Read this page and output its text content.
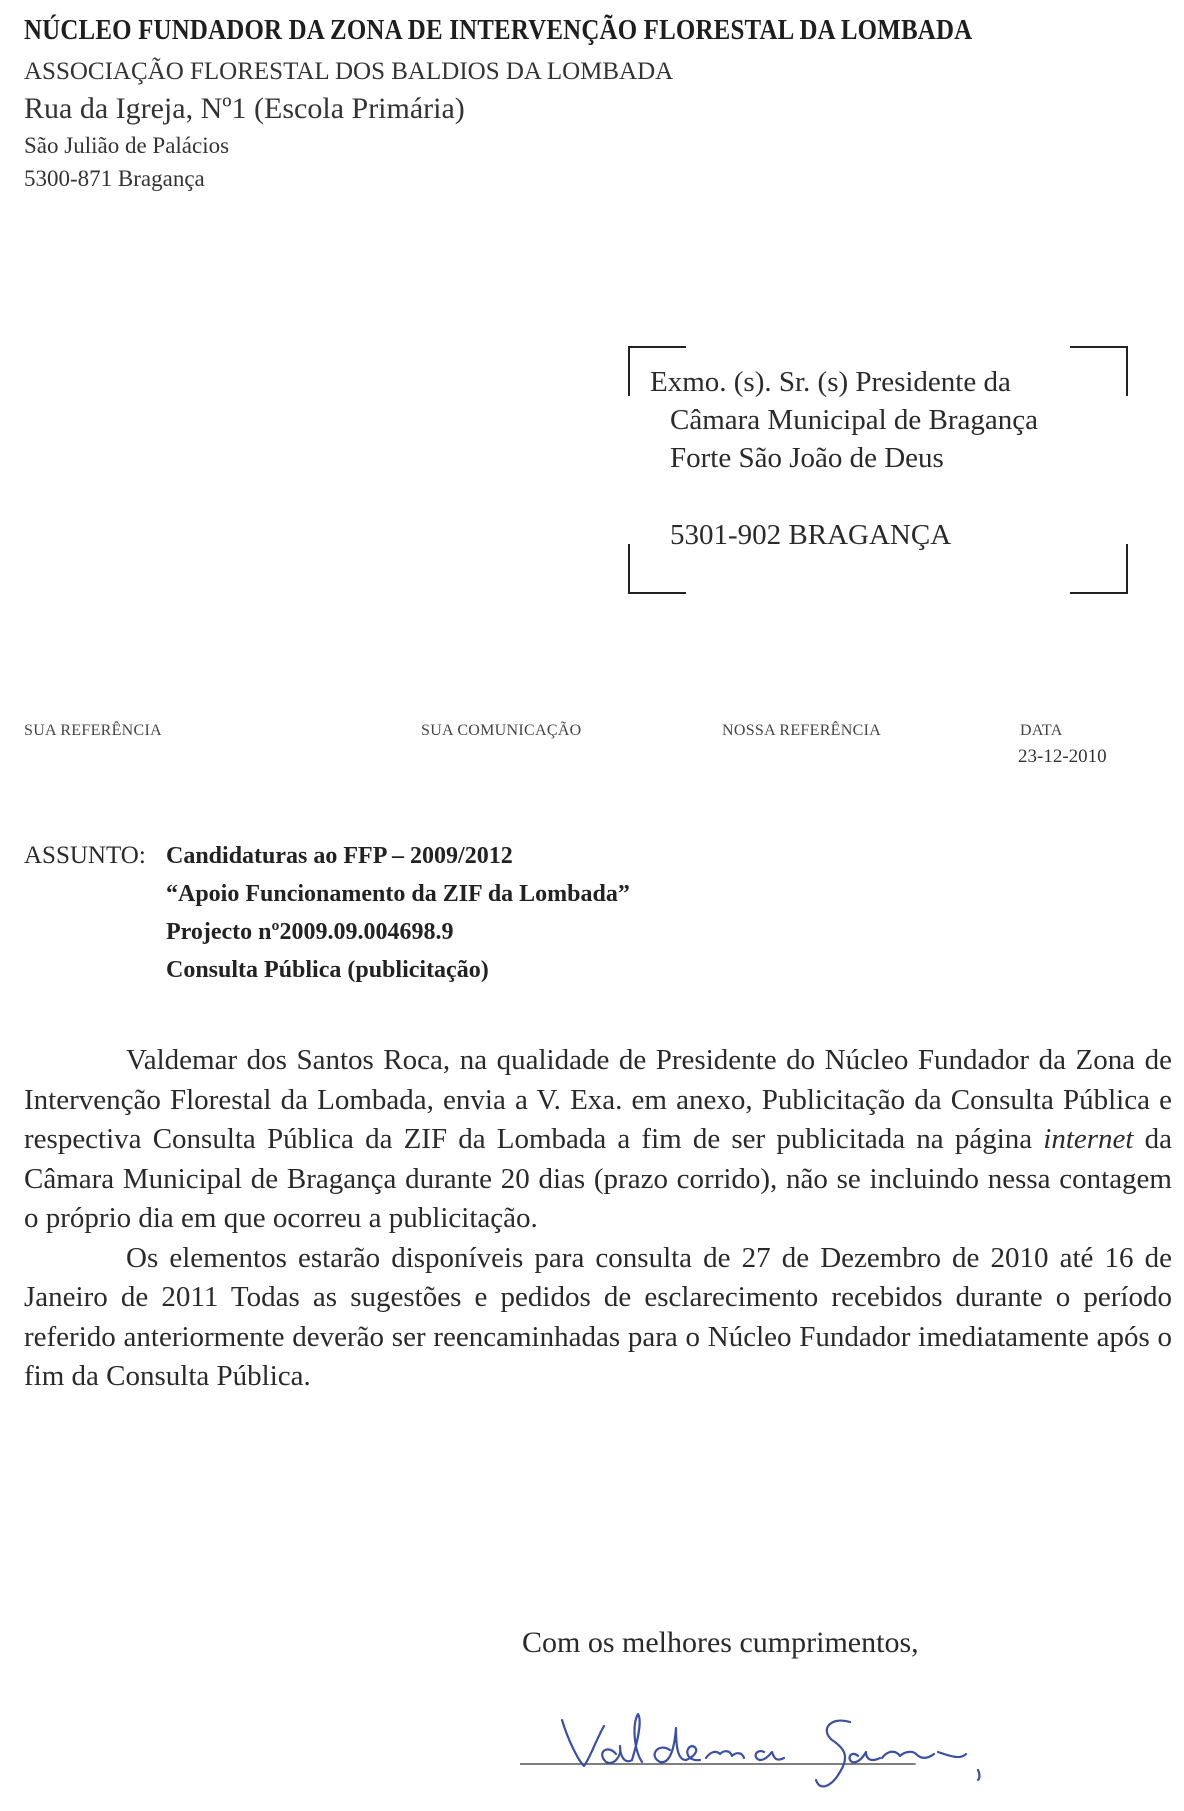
NÚCLEO FUNDADOR DA ZONA DE INTERVENÇÃO FLORESTAL DA LOMBADA
ASSOCIAÇÃO FLORESTAL DOS BALDIOS DA LOMBADA
Rua da Igreja, Nº1 (Escola Primária)
São Julião de Palácios
5300-871 Bragança
Exmo. (s). Sr. (s) Presidente da
Câmara Municipal de Bragança
Forte São João de Deus
5301-902 BRAGANÇA
SUA REFERÊNCIA	SUA COMUNICAÇÃO	NOSSA REFERÊNCIA	DATA
23-12-2010
ASSUNTO: Candidaturas ao FFP – 2009/2012
“Apoio Funcionamento da ZIF da Lombada”
Projecto nº2009.09.004698.9
Consulta Pública (publicitação)

Valdemar dos Santos Roca, na qualidade de Presidente do Núcleo Fundador da Zona de Intervenção Florestal da Lombada, envia a V. Exa. em anexo, Publicitação da Consulta Pública e respectiva Consulta Pública da ZIF da Lombada a fim de ser publicitada na página internet da Câmara Municipal de Bragança durante 20 dias (prazo corrido), não se incluindo nessa contagem o próprio dia em que ocorreu a publicitação.

Os elementos estarão disponíveis para consulta de 27 de Dezembro de 2010 até 16 de Janeiro de 2011 Todas as sugestões e pedidos de esclarecimento recebidos durante o período referido anteriormente deverão ser reencaminhadas para o Núcleo Fundador imediatamente após o fim da Consulta Pública.

Com os melhores cumprimentos,
